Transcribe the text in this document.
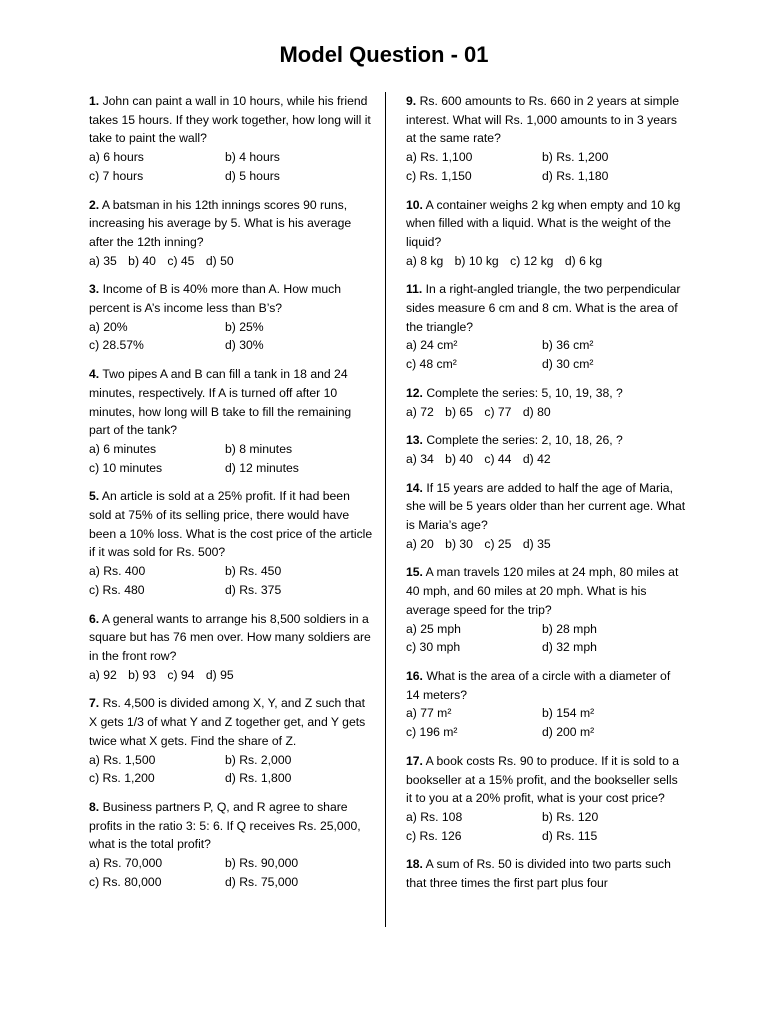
Model Question - 01
1. John can paint a wall in 10 hours, while his friend takes 15 hours. If they work together, how long will it take to paint the wall?
a) 6 hours	b) 4 hours
c) 7 hours	d) 5 hours
2. A batsman in his 12th innings scores 90 runs, increasing his average by 5. What is his average after the 12th inning?
a) 35 b) 40 c) 45 d) 50
3. Income of B is 40% more than A. How much percent is A’s income less than B’s?
a) 20%	b) 25%
c) 28.57%	d) 30%
4. Two pipes A and B can fill a tank in 18 and 24 minutes, respectively. If A is turned off after 10 minutes, how long will B take to fill the remaining part of the tank?
a) 6 minutes	b) 8 minutes
c) 10 minutes	d) 12 minutes
5. An article is sold at a 25% profit. If it had been sold at 75% of its selling price, there would have been a 10% loss. What is the cost price of the article if it was sold for Rs. 500?
a) Rs. 400	b) Rs. 450
c) Rs. 480	d) Rs. 375
6. A general wants to arrange his 8,500 soldiers in a square but has 76 men over. How many soldiers are in the front row?
a) 92 b) 93 c) 94 d) 95
7. Rs. 4,500 is divided among X, Y, and Z such that X gets 1/3 of what Y and Z together get, and Y gets twice what X gets. Find the share of Z.
a) Rs. 1,500	b) Rs. 2,000
c) Rs. 1,200	d) Rs. 1,800
8. Business partners P, Q, and R agree to share profits in the ratio 3: 5: 6. If Q receives Rs. 25,000, what is the total profit?
a) Rs. 70,000	b) Rs. 90,000
c) Rs. 80,000	d) Rs. 75,000
9. Rs. 600 amounts to Rs. 660 in 2 years at simple interest. What will Rs. 1,000 amounts to in 3 years at the same rate?
a) Rs. 1,100	b) Rs. 1,200
c) Rs. 1,150	d) Rs. 1,180
10. A container weighs 2 kg when empty and 10 kg when filled with a liquid. What is the weight of the liquid?
a) 8 kg b) 10 kg c) 12 kg d) 6 kg
11. In a right-angled triangle, the two perpendicular sides measure 6 cm and 8 cm. What is the area of the triangle?
a) 24 cm²	b) 36 cm²
c) 48 cm²	d) 30 cm²
12. Complete the series: 5, 10, 19, 38, ?
a) 72 b) 65 c) 77 d) 80
13. Complete the series: 2, 10, 18, 26, ?
a) 34 b) 40 c) 44 d) 42
14. If 15 years are added to half the age of Maria, she will be 5 years older than her current age. What is Maria’s age?
a) 20 b) 30 c) 25 d) 35
15. A man travels 120 miles at 24 mph, 80 miles at 40 mph, and 60 miles at 20 mph. What is his average speed for the trip?
a) 25 mph	b) 28 mph
c) 30 mph	d) 32 mph
16. What is the area of a circle with a diameter of 14 meters?
a) 77 m²	b) 154 m²
c) 196 m²	d) 200 m²
17. A book costs Rs. 90 to produce. If it is sold to a bookseller at a 15% profit, and the bookseller sells it to you at a 20% profit, what is your cost price?
a) Rs. 108	b) Rs. 120
c) Rs. 126	d) Rs. 115
18. A sum of Rs. 50 is divided into two parts such that three times the first part plus four
